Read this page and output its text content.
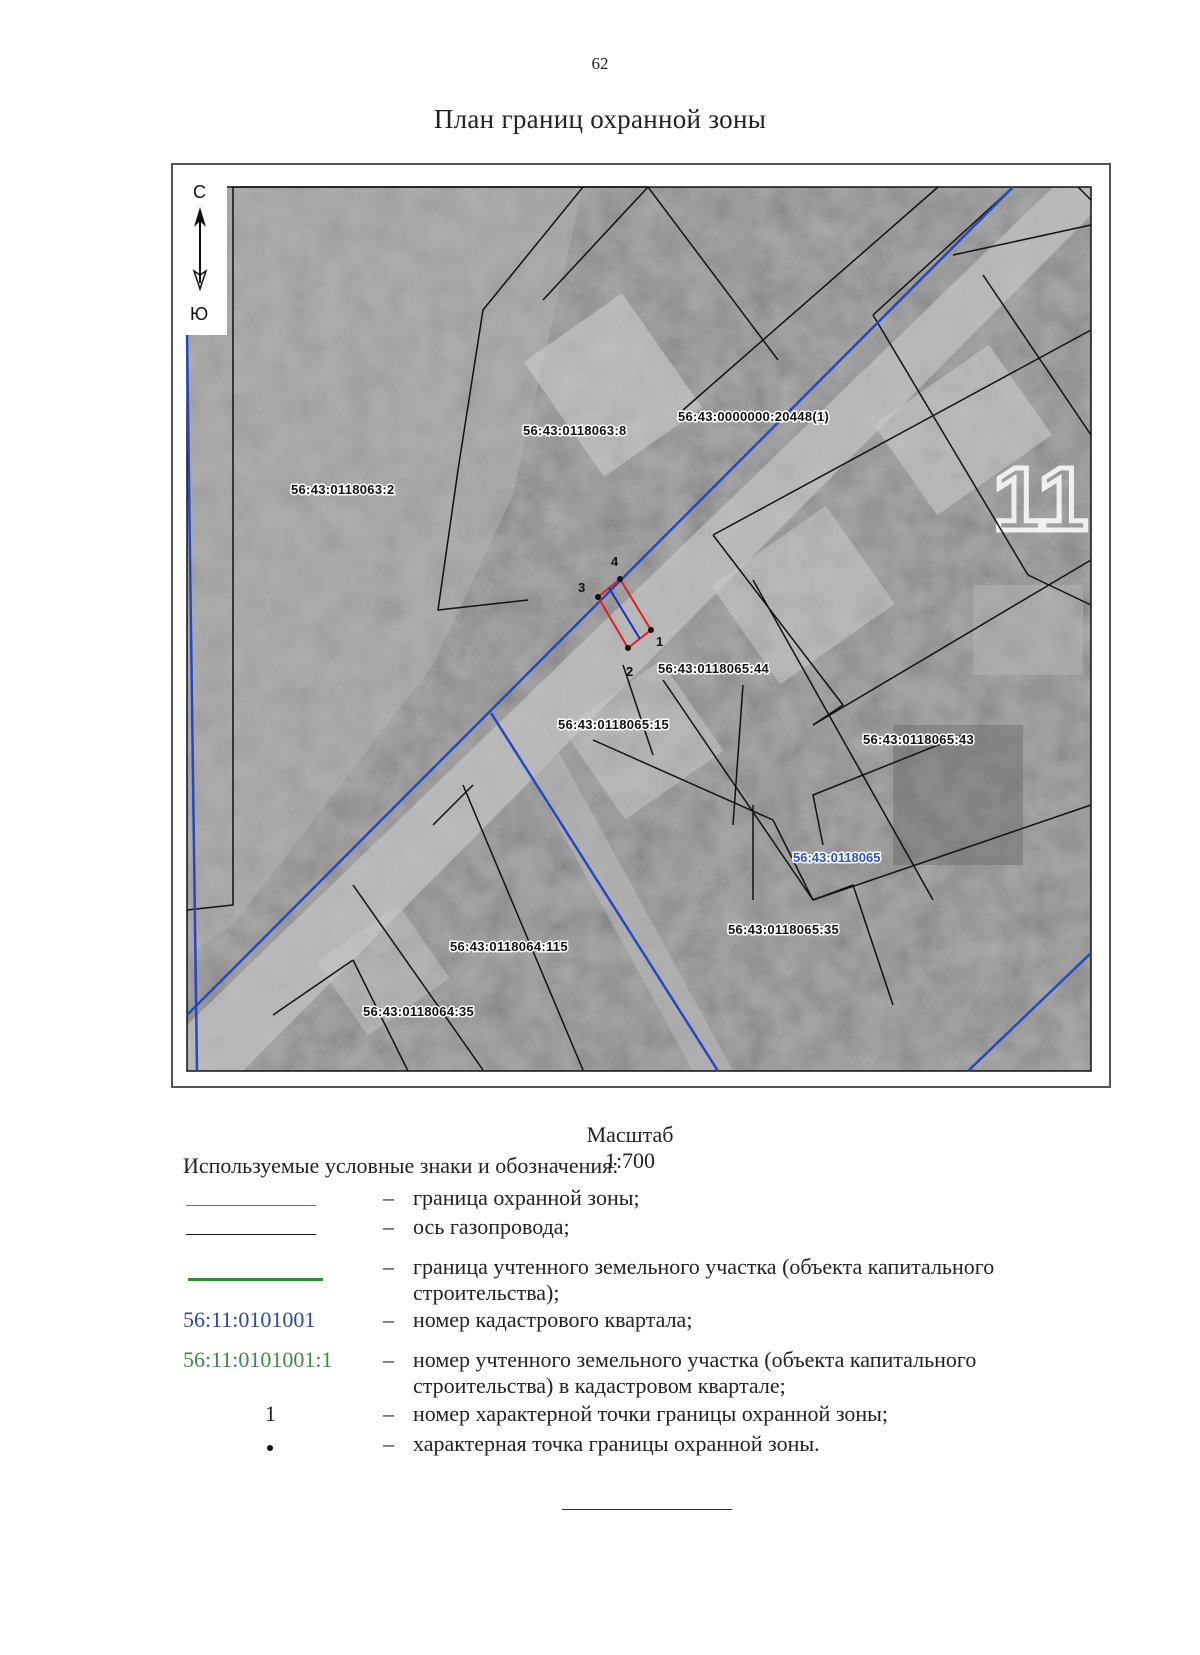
62
План границ охранной зоны
11
1
2
3
4
56:43:0118063:8
56:43:0000000:20448(1)
56:43:0118063:2
56:43:0118065:44
56:43:0118065:15
56:43:0118065:43
56:43:0118064:115
56:43:0118065:35
56:43:0118064:35
56:43:0118065
С
Ю
Масштаб 1:700
Используемые условные знаки и обозначения:
– граница охранной зоны;
– ось газопровода;
– граница учтенного земельного участка (объекта капитального строительства);
56:11:0101001	– номер кадастрового квартала;
56:11:0101001:1	– номер учтенного земельного участка (объекта капитального строительства) в кадастровом квартале;
1	– номер характерной точки границы охранной зоны;
– характерная точка границы охранной зоны.
